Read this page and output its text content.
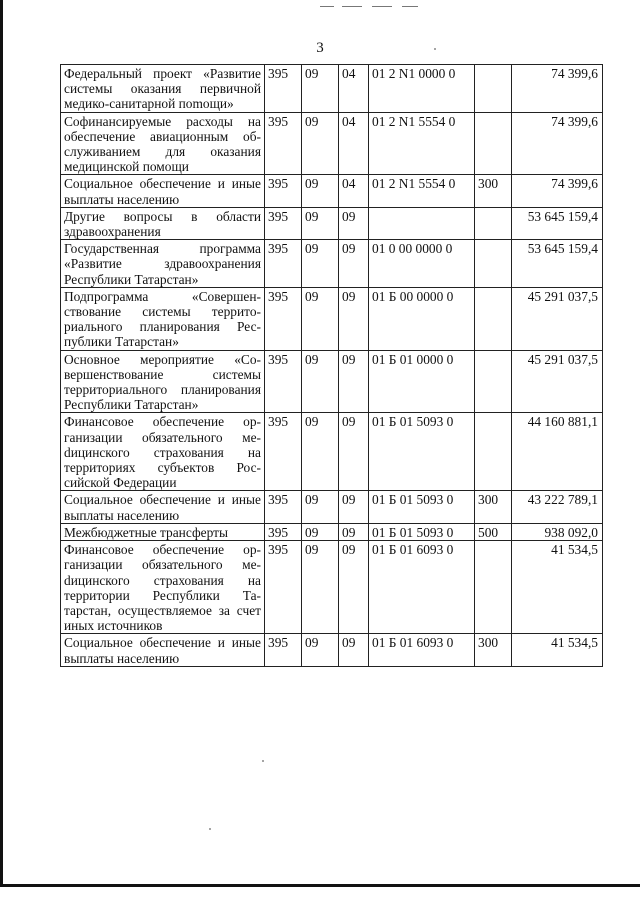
3
Федеральный проект «Развитие системы оказания первичной медико-санитарной поmощи»	395	09	04	01 2 N1 0000 0		74 399,6
Софинансируемые расходы на обеспечение авиационным обслуживанием для оказания медицинской помощи	395	09	04	01 2 N1 5554 0		74 399,6
Социальное обеспечение и иные выплаты населению	395	09	04	01 2 N1 5554 0	300	74 399,6
Другие вопросы в области здравоохранения	395	09	09			53 645 159,4
Государственная программа «Развитие здравоохранения Республики Татарстан»	395	09	09	01 0 00 0000 0		53 645 159,4
Подпрограмма «Совершенствование системы территориального планирования Республики Татарстан»	395	09	09	01 Б 00 0000 0		45 291 037,5
Основное мероприятие «Совершенствование системы территориального планирования Республики Татарстан»	395	09	09	01 Б 01 0000 0		45 291 037,5
Финансовое обеспечение организации обязательного меdицинского страхования на территориях субъектов Российской Федерации	395	09	09	01 Б 01 5093 0		44 160 881,1
Социальное обеспечение и иные выплаты населению	395	09	09	01 Б 01 5093 0	300	43 222 789,1
Межбюджетные трансферты	395	09	09	01 Б 01 5093 0	500	938 092,0
Финансовое обеспечение организации обязательного меdицинского страхования на территории Республики Татарстан, осуществляемое за счет иных источников	395	09	09	01 Б 01 6093 0		41 534,5
Социальное обеспечение и иные выплаты населению	395	09	09	01 Б 01 6093 0	300	41 534,5
